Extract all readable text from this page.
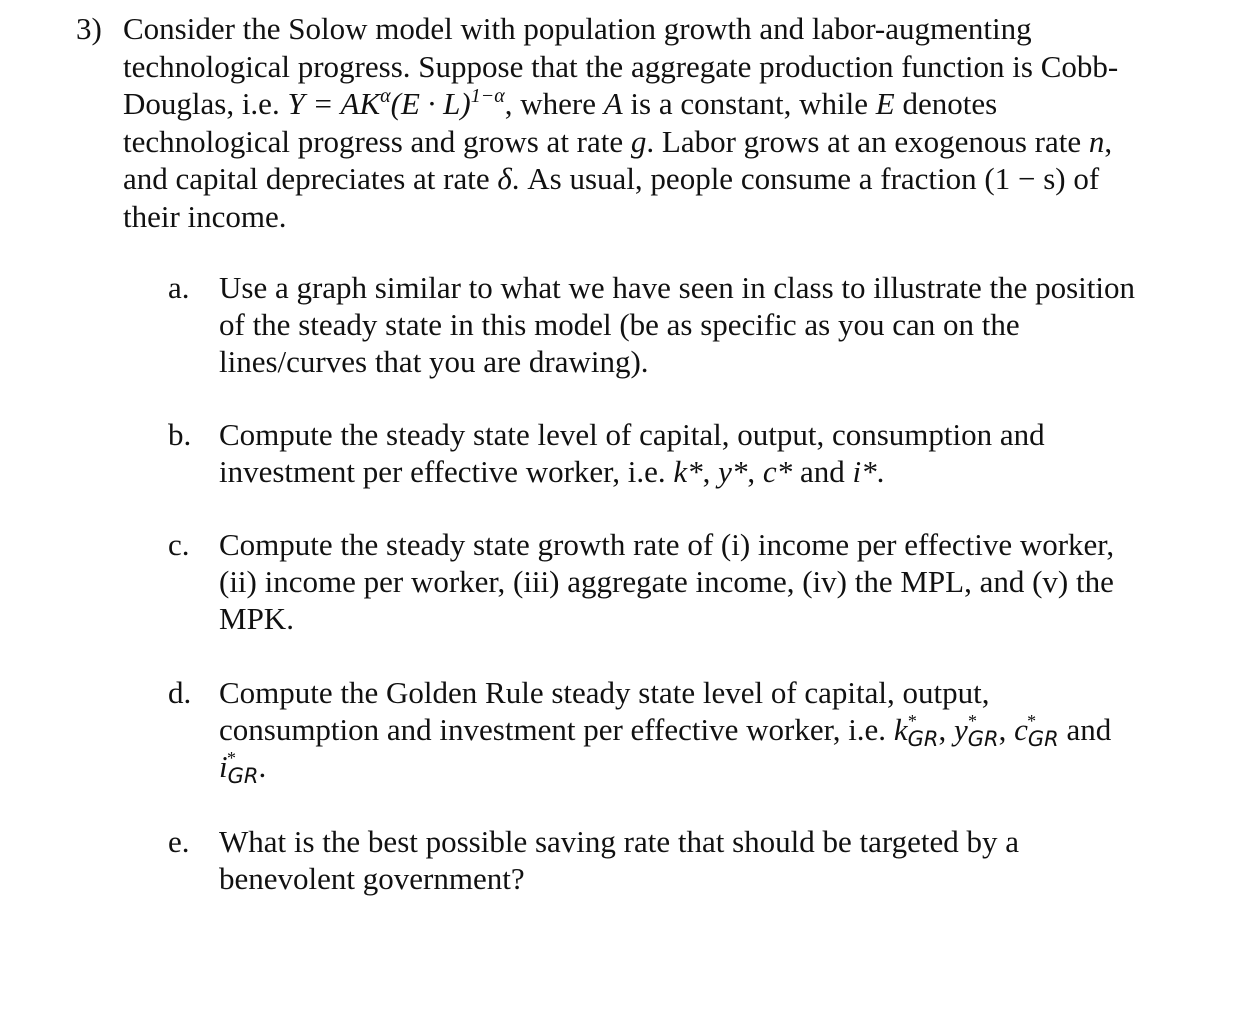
3) Consider the Solow model with population growth and labor-augmenting
technological progress. Suppose that the aggregate production function is Cobb-
Douglas, i.e. $Y = AK^\alpha(E \cdot L)^{1-\alpha}$, where A is a constant, while E denotes
technological progress and grows at rate g. Labor grows at an exogenous rate n,
and capital depreciates at rate δ. As usual, people consume a fraction (1 − s) of
their income.
a. Use a graph similar to what we have seen in class to illustrate the position
of the steady state in this model (be as specific as you can on the
lines/curves that you are drawing).
b. Compute the steady state level of capital, output, consumption and
investment per effective worker, i.e. k*, y*, c* and i*.
c. Compute the steady state growth rate of (i) income per effective worker,
(ii) income per worker, (iii) aggregate income, (iv) the MPL, and (v) the
MPK.
d. Compute the Golden Rule steady state level of capital, output,
consumption and investment per effective worker, i.e. $k_{GR}$
* , $y_{GR}$
* , $c_{GR}$
* and
$i_{GR}$
* .
e. What is the best possible saving rate that should be targeted by a
benevolent government?
